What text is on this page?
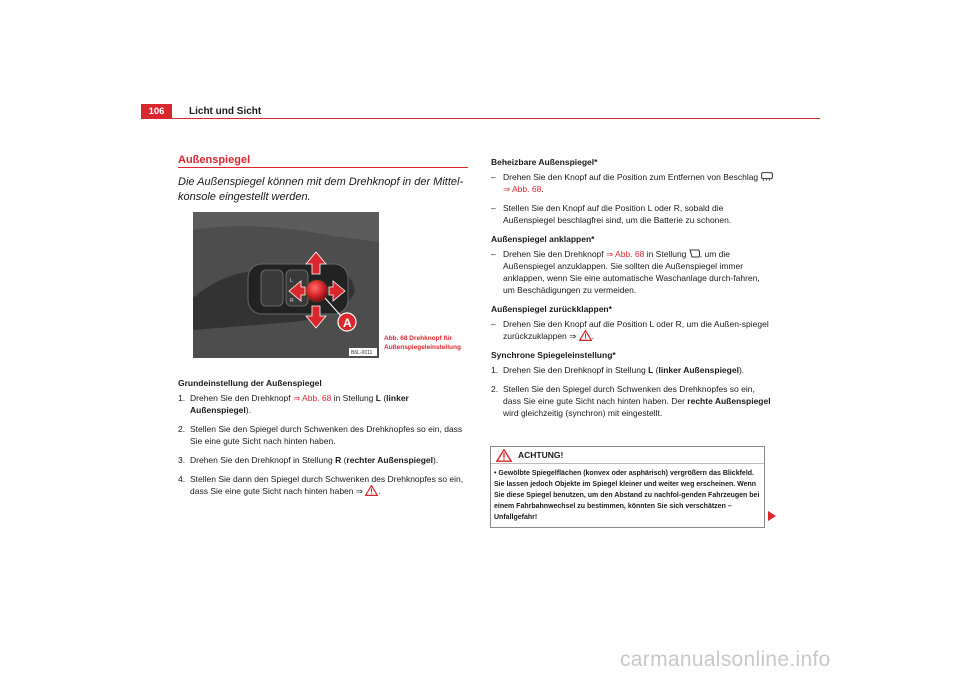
106	Licht und Sicht
Außenspiegel
Die Außenspiegel können mit dem Drehknopf in der Mittel-konsole eingestellt werden.
L
R
A
B6L-0011
Abb. 68 Drehknopf für
Außenspiegeleinstellung
Grundeinstellung der Außenspiegel
1. Drehen Sie den Drehknopf ⇒ Abb. 68 in Stellung L (linker Außenspiegel).
2. Stellen Sie den Spiegel durch Schwenken des Drehknopfes so ein, dass Sie eine gute Sicht nach hinten haben.
3. Drehen Sie den Drehknopf in Stellung R (rechter Außenspiegel).
4. Stellen Sie dann den Spiegel durch Schwenken des Drehknopfes so ein, dass Sie eine gute Sicht nach hinten haben ⇒ .
Beheizbare Außenspiegel*
– Drehen Sie den Knopf auf die Position zum Entfernen von Beschlag  ⇒ Abb. 68.
– Stellen Sie den Knopf auf die Position L oder R, sobald die Außenspiegel beschlagfrei sind, um die Batterie zu schonen.
Außenspiegel anklappen*
– Drehen Sie den Drehknopf ⇒ Abb. 68 in Stellung , um die Außenspiegel anzuklappen. Sie sollten die Außenspiegel immer anklappen, wenn Sie eine automatische Waschanlage durch-fahren, um Beschädigungen zu vermeiden.
Außenspiegel zurückklappen*
– Drehen Sie den Knopf auf die Position L oder R, um die Außen-spiegel zurückzuklappen ⇒ .
Synchrone Spiegeleinstellung*
1. Drehen Sie den Drehknopf in Stellung L (linker Außenspiegel).
2. Stellen Sie den Spiegel durch Schwenken des Drehknopfes so ein, dass Sie eine gute Sicht nach hinten haben. Der rechte Außenspiegel wird gleichzeitig (synchron) mit eingestellt.
ACHTUNG!
• Gewölbte Spiegelflächen (konvex oder asphärisch) vergrößern das Blickfeld. Sie lassen jedoch Objekte im Spiegel kleiner und weiter weg erscheinen. Wenn Sie diese Spiegel benutzen, um den Abstand zu nachfol-genden Fahrzeugen bei einem Fahrbahnwechsel zu bestimmen, könnten Sie sich verschätzen – Unfallgefahr!
carmanualsonline.info
